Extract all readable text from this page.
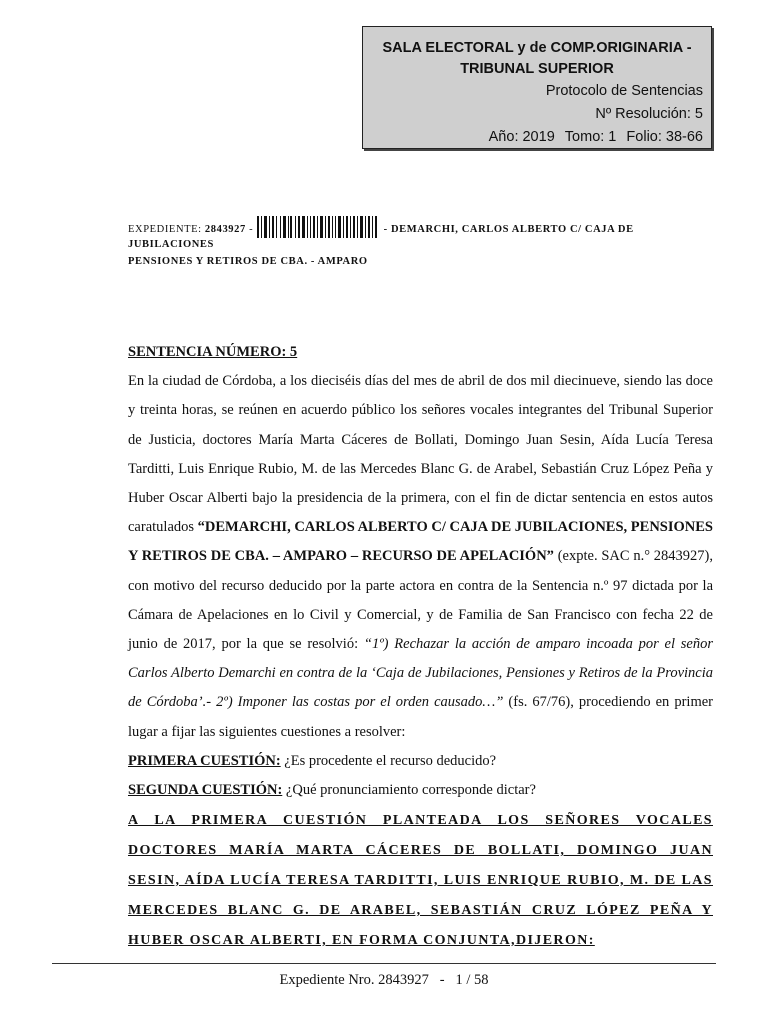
SALA ELECTORAL y de COMP.ORIGINARIA -
TRIBUNAL SUPERIOR
Protocolo de Sentencias
Nº Resolución: 5
Año: 2019 Tomo: 1 Folio: 38-66
EXPEDIENTE: 2843927 -	- DEMARCHI, CARLOS ALBERTO C/ CAJA DE JUBILACIONES
PENSIONES Y RETIROS DE CBA. - AMPARO

SENTENCIA NÚMERO: 5

En la ciudad de Córdoba, a los dieciséis días del mes de abril de dos mil diecinueve, siendo las doce y treinta horas, se reúnen en acuerdo público los señores vocales integrantes del Tribunal Superior de Justicia, doctores María Marta Cáceres de Bollati, Domingo Juan Sesin, Aída Lucía Teresa Tarditti, Luis Enrique Rubio, M. de las Mercedes Blanc G. de Arabel, Sebastián Cruz López Peña y Huber Oscar Alberti bajo la presidencia de la primera, con el fin de dictar sentencia en estos autos caratulados “DEMARCHI, CARLOS ALBERTO C/ CAJA DE JUBILACIONES, PENSIONES Y RETIROS DE CBA. – AMPARO – RECURSO DE APELACIÓN” (expte. SAC n.° 2843927), con motivo del recurso deducido por la parte actora en contra de la Sentencia n.º 97 dictada por la Cámara de Apelaciones en lo Civil y Comercial, y de Familia de San Francisco con fecha 22 de junio de 2017, por la que se resolvió: “1º) Rechazar la acción de amparo incoada por el señor Carlos Alberto Demarchi en contra de la ‘Caja de Jubilaciones, Pensiones y Retiros de la Provincia de Córdoba’.- 2º) Imponer las costas por el orden causado…” (fs. 67/76), procediendo en primer lugar a fijar las siguientes cuestiones a resolver:

PRIMERA CUESTIÓN: ¿Es procedente el recurso deducido?

SEGUNDA CUESTIÓN: ¿Qué pronunciamiento corresponde dictar?

A LA PRIMERA CUESTIÓN PLANTEADA LOS SEÑORES VOCALES DOCTORES MARÍA MARTA CÁCERES DE BOLLATI, DOMINGO JUAN SESIN, AÍDA LUCÍA TERESA TARDITTI, LUIS ENRIQUE RUBIO, M. DE LAS MERCEDES BLANC G. DE ARABEL, SEBASTIÁN CRUZ LÓPEZ PEÑA Y HUBER OSCAR ALBERTI, EN FORMA CONJUNTA,DIJERON:

Expediente Nro. 2843927   -   1 / 58
